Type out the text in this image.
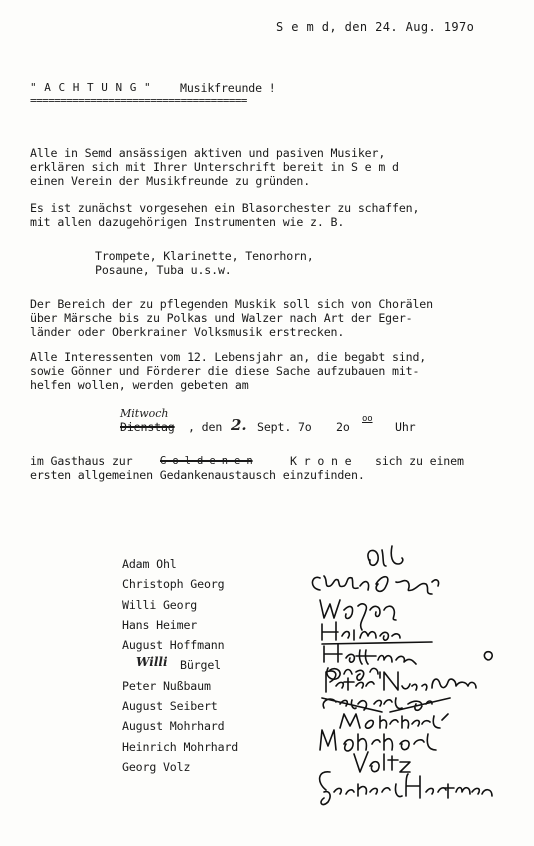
S e m d, den 24. Aug. 197o
" A C H T U N G " Musikfreunde !
====================================
Alle in Semd ansässigen aktiven und pasiven Musiker,
erklären sich mit Ihrer Unterschrift bereit in S e m d
einen Verein der Musikfreunde zu gründen.
Es ist zunächst vorgesehen ein Blasorchester zu schaffen,
mit allen dazugehörigen Instrumenten wie z. B.
Trompete, Klarinette, Tenorhorn,
Posaune, Tuba u.s.w.
Der Bereich der zu pflegenden Muskik soll sich von Chorälen
über Märsche bis zu Polkas und Walzer nach Art der Eger-
länder oder Oberkrainer Volksmusik erstrecken.
Alle Interessenten vom 12. Lebensjahr an, die begabt sind,
sowie Gönner und Förderer die diese Sache aufzubauen mit-
helfen wollen, werden gebeten am
Mitwoch
Dienstag , den 2. Sept. 7o 2o
oo
Uhr
im Gasthaus zur	G o l d e n e n	K r o n e sich zu einem
ersten allgemeinen Gedankenaustausch einzufinden.
Adam Ohl
Christoph Georg
Willi Georg
Hans Heimer
August Hoffmann
Willi Bürgel
Peter Nußbaum
August Seibert
August Mohrhard
Heinrich Mohrhard
Georg Volz
